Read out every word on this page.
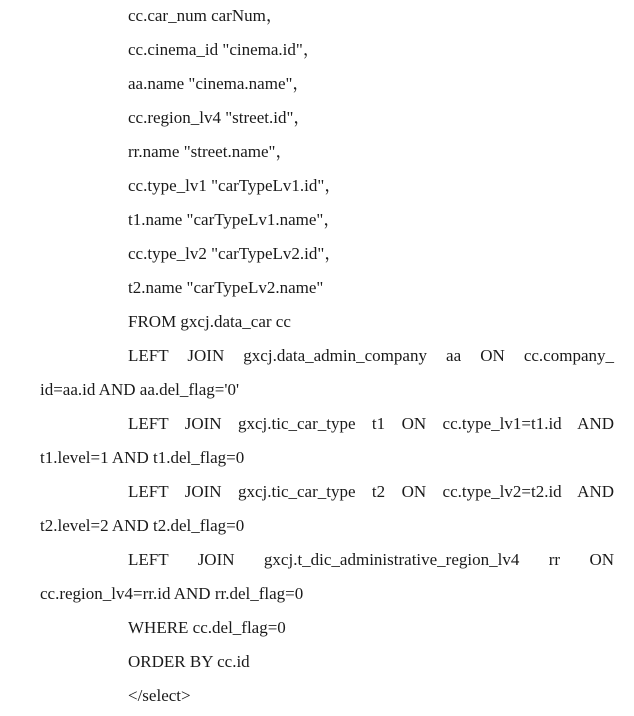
cc.car_num carNum，
cc.cinema_id "cinema.id"，
aa.name "cinema.name"，
cc.region_lv4 "street.id"，
rr.name "street.name"，
cc.type_lv1 "carTypeLv1.id"，
t1.name "carTypeLv1.name"，
cc.type_lv2 "carTypeLv2.id"，
t2.name "carTypeLv2.name"
FROM gxcj.data_car cc
LEFT JOIN gxcj.data_admin_company aa ON cc.company_
id=aa.id AND aa.del_flag='0'
LEFT JOIN gxcj.tic_car_type t1 ON cc.type_lv1=t1.id AND
t1.level=1 AND t1.del_flag=0
LEFT JOIN gxcj.tic_car_type t2 ON cc.type_lv2=t2.id AND
t2.level=2 AND t2.del_flag=0
LEFT JOIN gxcj.t_dic_administrative_region_lv4 rr ON
cc.region_lv4=rr.id AND rr.del_flag=0
WHERE cc.del_flag=0
ORDER BY cc.id
</select>
